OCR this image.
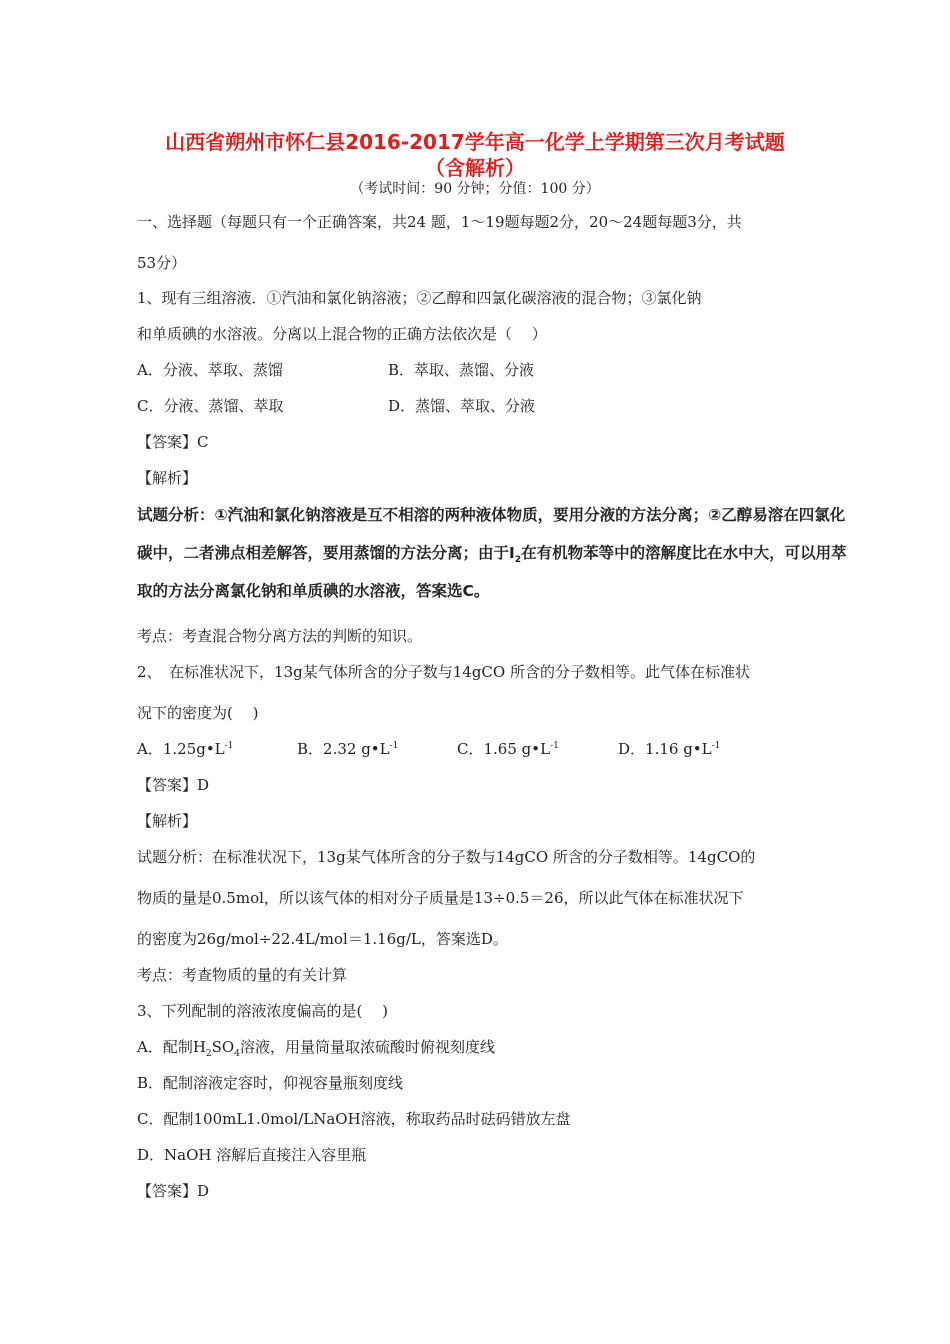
山西省朔州市怀仁县2016-2017学年高一化学上学期第三次月考试题
（含解析）
（考试时间：90 分钟；分值：100 分）
一、选择题（每题只有一个正确答案，共24 题，1～19题每题2分，20～24题每题3分，共
53分）
1、现有三组溶液．①汽油和氯化钠溶液；②乙醇和四氯化碳溶液的混合物；③氯化钠
和单质碘的水溶液。分离以上混合物的正确方法依次是（　 ）
A．分液、萃取、蒸馏	B．萃取、蒸馏、分液
C．分液、蒸馏、萃取	D．蒸馏、萃取、分液
【答案】C
【解析】
试题分析：①汽油和氯化钠溶液是互不相溶的两种液体物质，要用分液的方法分离；②乙醇易溶在四氯化
碳中，二者沸点相差解答，要用蒸馏的方法分离；由于$I_2$在有机物苯等中的溶解度比在水中大，可以用萃
取的方法分离氯化钠和单质碘的水溶液，答案选C。
考点：考查混合物分离方法的判断的知识。
2、　在标准状况下，13g某气体所含的分子数与14gCO 所含的分子数相等。此气体在标准状
况下的密度为(　 )
A．$1.25g•L^{-1}$	B．2.32 $g•L^{-1}$	C．1.65 $g•L^{-1}$	D．1.16 $g•L^{-1}$
【答案】D
【解析】
试题分析：在标准状况下，13g某气体所含的分子数与14gCO 所含的分子数相等。14gCO的
物质的量是0.5mol，所以该气体的相对分子质量是13÷0.5＝26，所以此气体在标准状况下
的密度为26g/mol÷22.4L/mol＝1.16g/L，答案选D。
考点：考查物质的量的有关计算
3、下列配制的溶液浓度偏高的是(　 )
A．配制$H_2SO_4$溶液，用量筒量取浓硫酸时俯视刻度线
B．配制溶液定容时，仰视容量瓶刻度线
C．配制100mL1.0mol/LNaOH溶液，称取药品时砝码错放左盘
D．NaOH 溶解后直接注入容里瓶
【答案】D
